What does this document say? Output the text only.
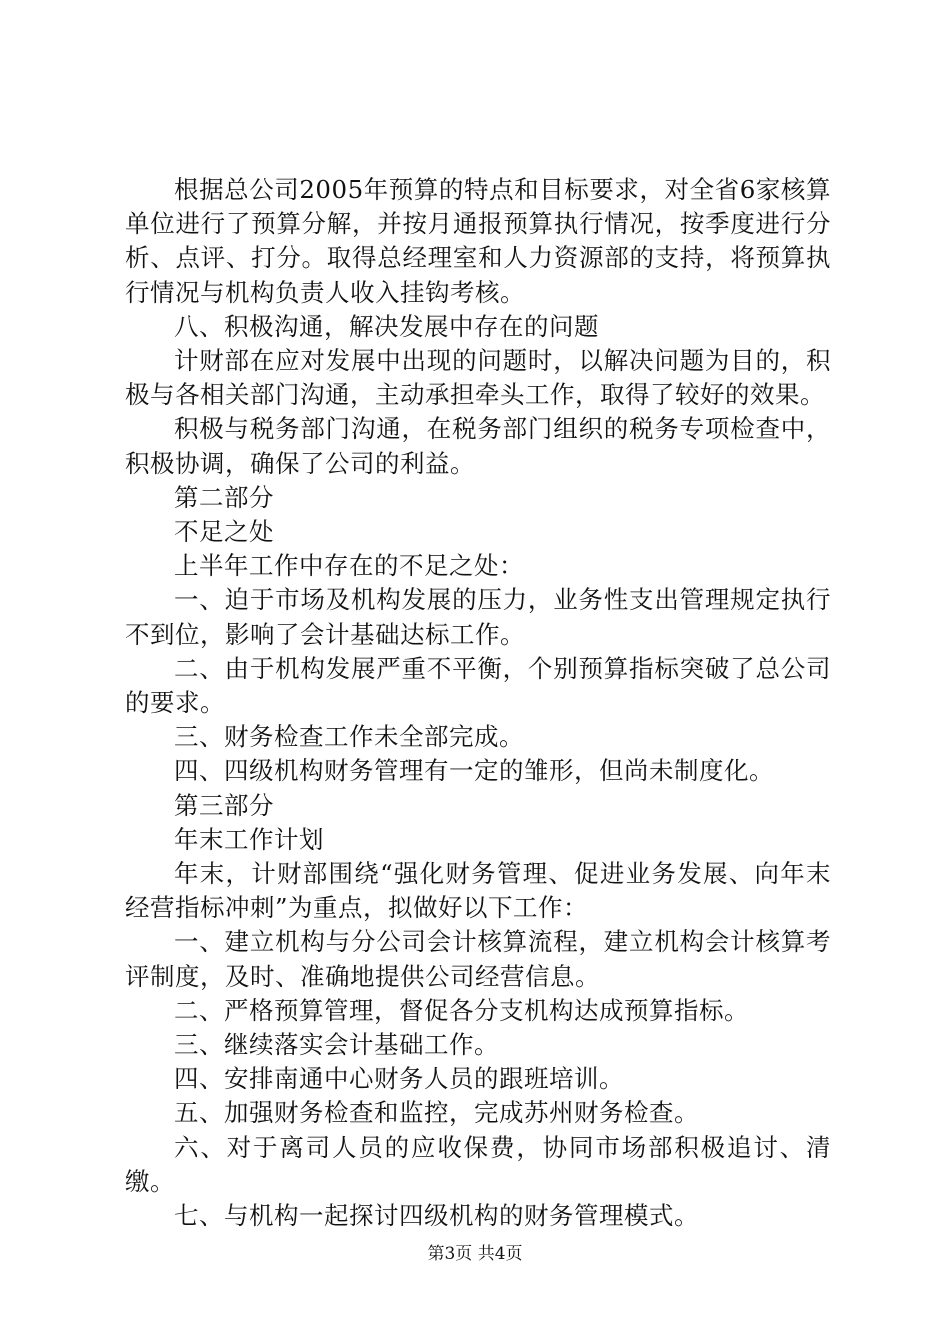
根据总公司2005年预算的特点和目标要求，对全省6家核算单位进行了预算分解，并按月通报预算执行情况，按季度进行分析、点评、打分。取得总经理室和人力资源部的支持，将预算执行情况与机构负责人收入挂钩考核。

八、积极沟通，解决发展中存在的问题

计财部在应对发展中出现的问题时，以解决问题为目的，积极与各相关部门沟通，主动承担牵头工作，取得了较好的效果。

积极与税务部门沟通，在税务部门组织的税务专项检查中，积极协调，确保了公司的利益。

第二部分

不足之处

上半年工作中存在的不足之处：

一、迫于市场及机构发展的压力，业务性支出管理规定执行不到位，影响了会计基础达标工作。

二、由于机构发展严重不平衡，个别预算指标突破了总公司的要求。

三、财务检查工作未全部完成。

四、四级机构财务管理有一定的雏形，但尚未制度化。

第三部分

年末工作计划

年末，计财部围绕“强化财务管理、促进业务发展、向年末经营指标冲刺”为重点，拟做好以下工作：

一、建立机构与分公司会计核算流程，建立机构会计核算考评制度，及时、准确地提供公司经营信息。

二、严格预算管理，督促各分支机构达成预算指标。

三、继续落实会计基础工作。

四、安排南通中心财务人员的跟班培训。

五、加强财务检查和监控，完成苏州财务检查。

六、对于离司人员的应收保费，协同市场部积极追讨、清缴。

七、与机构一起探讨四级机构的财务管理模式。

第3页 共4页
